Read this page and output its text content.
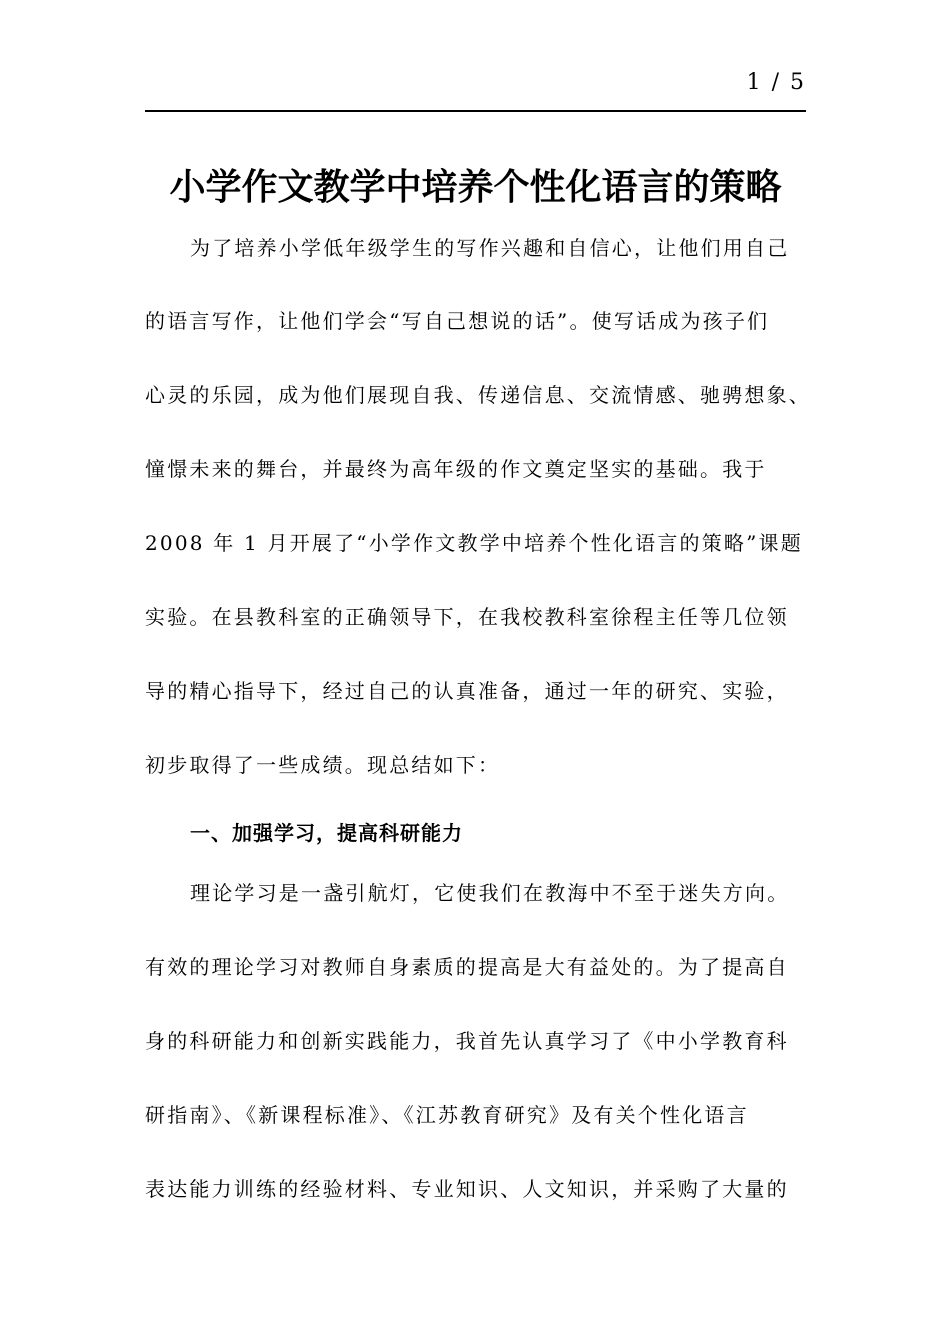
1 / 5
小学作文教学中培养个性化语言的策略
为了培养小学低年级学生的写作兴趣和自信心，让他们用自己
的语言写作，让他们学会“写自己想说的话”。使写话成为孩子们
心灵的乐园，成为他们展现自我、传递信息、交流情感、驰骋想象、
憧憬未来的舞台，并最终为高年级的作文奠定坚实的基础。我于
2008 年 1 月开展了“小学作文教学中培养个性化语言的策略”课题
实验。在县教科室的正确领导下，在我校教科室徐程主任等几位领
导的精心指导下，经过自己的认真准备，通过一年的研究、实验，
初步取得了一些成绩。现总结如下：
一、加强学习，提高科研能力
理论学习是一盏引航灯，它使我们在教海中不至于迷失方向。
有效的理论学习对教师自身素质的提高是大有益处的。为了提高自
身的科研能力和创新实践能力，我首先认真学习了《中小学教育科
研指南》、《新课程标准》、《江苏教育研究》及有关个性化语言
表达能力训练的经验材料、专业知识、人文知识，并采购了大量的
